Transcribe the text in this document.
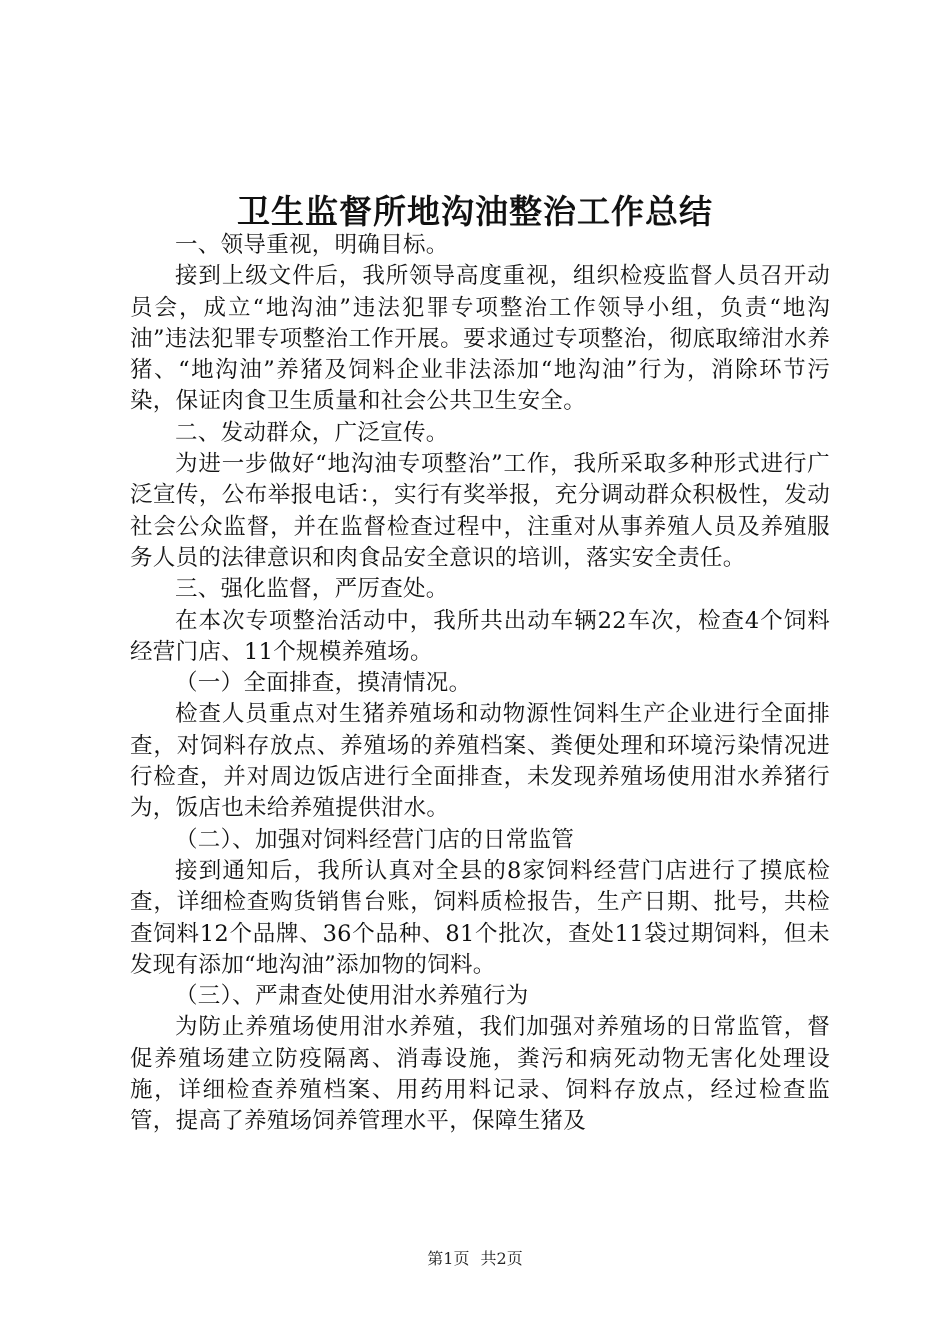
卫生监督所地沟油整治工作总结

一、领导重视，明确目标。

接到上级文件后，我所领导高度重视，组织检疫监督人员召开动员会，成立“地沟油”违法犯罪专项整治工作领导小组，负责“地沟油”违法犯罪专项整治工作开展。要求通过专项整治，彻底取缔泔水养猪、“地沟油”养猪及饲料企业非法添加“地沟油”行为，消除环节污染，保证肉食卫生质量和社会公共卫生安全。

二、发动群众，广泛宣传。

为进一步做好“地沟油专项整治”工作，我所采取多种形式进行广泛宣传，公布举报电话：，实行有奖举报，充分调动群众积极性，发动社会公众监督，并在监督检查过程中，注重对从事养殖人员及养殖服务人员的法律意识和肉食品安全意识的培训，落实安全责任。

三、强化监督，严厉查处。

在本次专项整治活动中，我所共出动车辆22车次，检查4个饲料经营门店、11个规模养殖场。

（一）全面排查，摸清情况。

检查人员重点对生猪养殖场和动物源性饲料生产企业进行全面排查，对饲料存放点、养殖场的养殖档案、粪便处理和环境污染情况进行检查，并对周边饭店进行全面排查，未发现养殖场使用泔水养猪行为，饭店也未给养殖提供泔水。

（二）、加强对饲料经营门店的日常监管

接到通知后，我所认真对全县的8家饲料经营门店进行了摸底检查，详细检查购货销售台账，饲料质检报告，生产日期、批号，共检查饲料12个品牌、36个品种、81个批次，查处11袋过期饲料，但未发现有添加“地沟油”添加物的饲料。

（三）、严肃查处使用泔水养殖行为

为防止养殖场使用泔水养殖，我们加强对养殖场的日常监管，督促养殖场建立防疫隔离、消毒设施，粪污和病死动物无害化处理设施，详细检查养殖档案、用药用料记录、饲料存放点，经过检查监管，提高了养殖场饲养管理水平，保障生猪及

第1页 共2页
